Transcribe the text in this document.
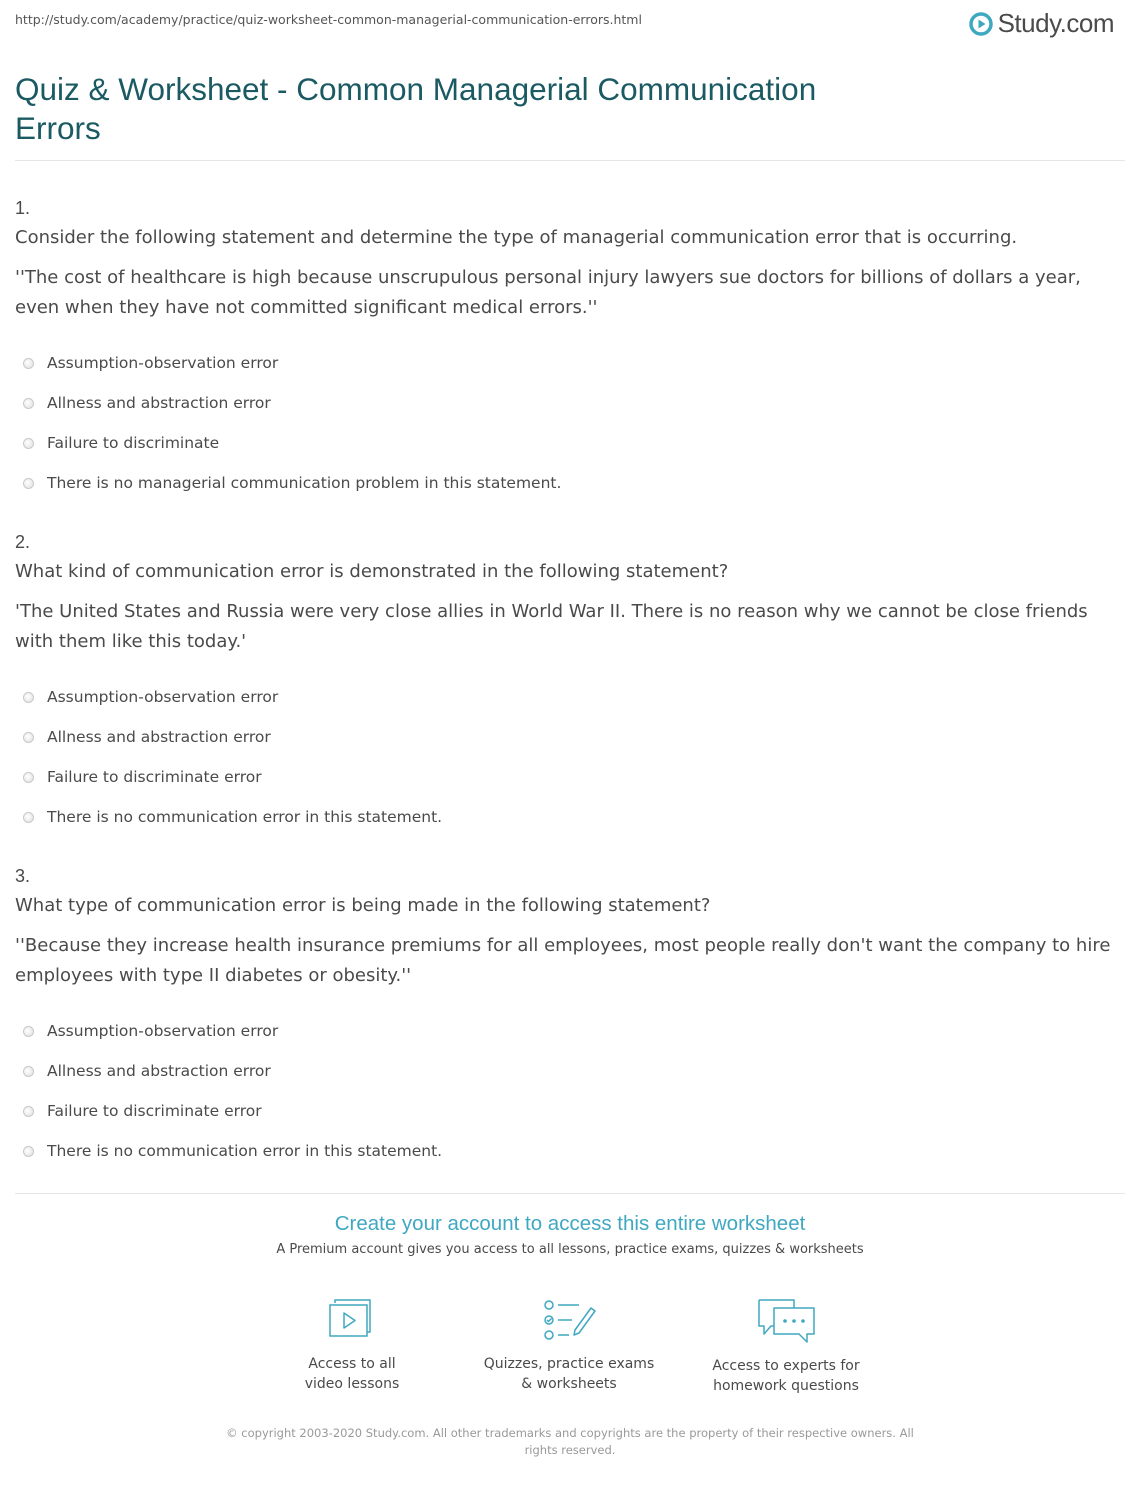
http://study.com/academy/practice/quiz-worksheet-common-managerial-communication-errors.html	Study.com
Quiz & Worksheet - Common Managerial Communication Errors
1.

Consider the following statement and determine the type of managerial communication error that is occurring.

''The cost of healthcare is high because unscrupulous personal injury lawyers sue doctors for billions of dollars a year, even when they have not committed significant medical errors.''

Assumption-observation error
Allness and abstraction error
Failure to discriminate
There is no managerial communication problem in this statement.
2.

What kind of communication error is demonstrated in the following statement?

'The United States and Russia were very close allies in World War II. There is no reason why we cannot be close friends with them like this today.'

Assumption-observation error
Allness and abstraction error
Failure to discriminate error
There is no communication error in this statement.
3.

What type of communication error is being made in the following statement?

''Because they increase health insurance premiums for all employees, most people really don't want the company to hire employees with type II diabetes or obesity.''

Assumption-observation error
Allness and abstraction error
Failure to discriminate error
There is no communication error in this statement.
Create your account to access this entire worksheet
A Premium account gives you access to all lessons, practice exams, quizzes & worksheets
Access to all
video lessons
Quizzes, practice exams
& worksheets
Access to experts for
homework questions
© copyright 2003-2020 Study.com. All other trademarks and copyrights are the property of their respective owners. All rights reserved.
